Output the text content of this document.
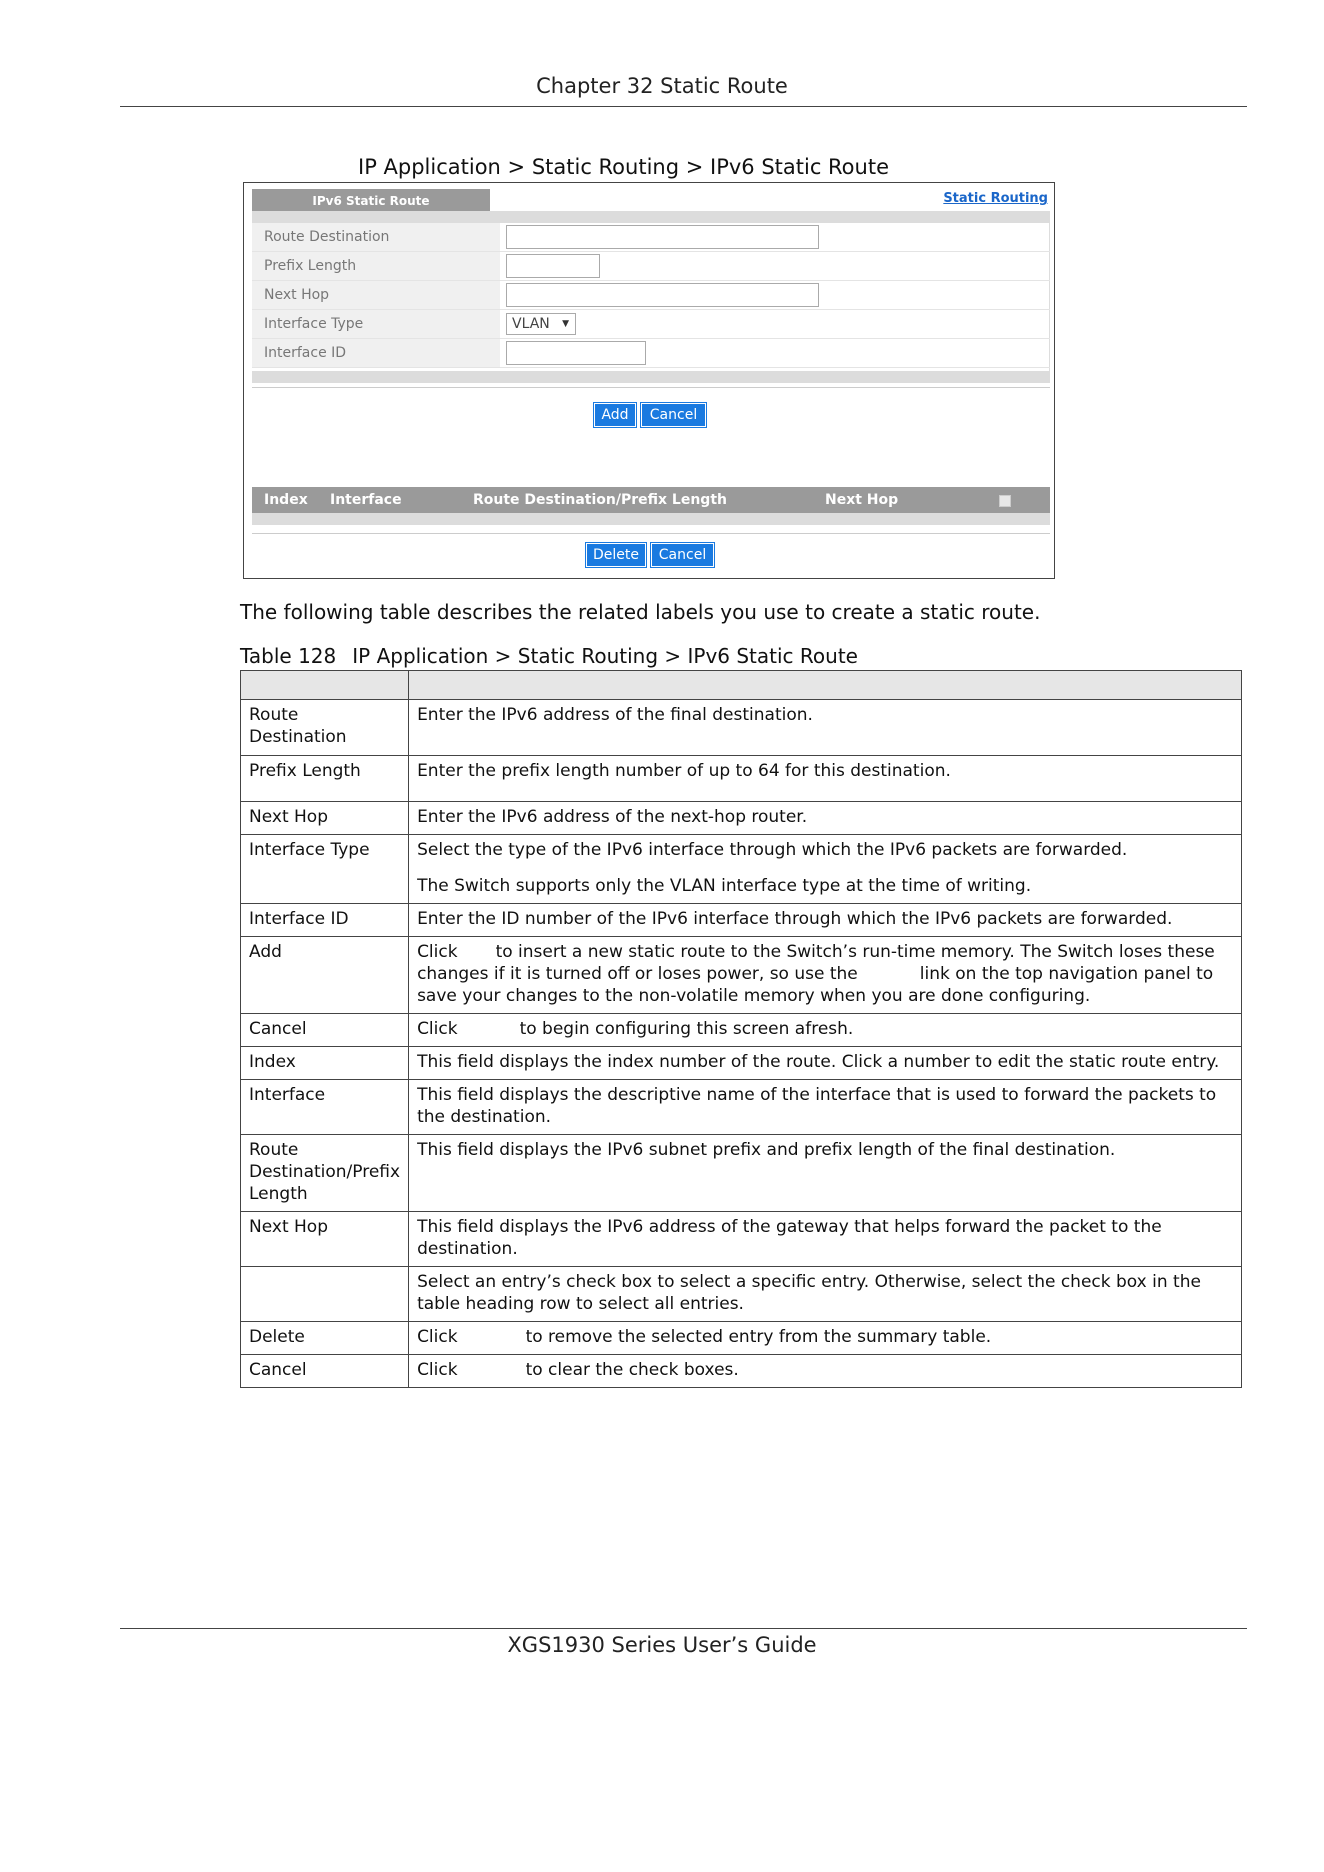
Chapter 32 Static Route
IP Application > Static Routing > IPv6 Static Route
IPv6 Static Route	Static Routing
Route Destination
Prefix Length
Next Hop
Interface Type	VLAN ▼
Interface ID
Add	Cancel
Index Interface	Route Destination/Prefix Length	Next Hop
Delete	Cancel
The following table describes the related labels you use to create a static route.
Table 128 IP Application > Static Routing > IPv6 Static Route

Route Destination	Enter the IPv6 address of the final destination.
Prefix Length	Enter the prefix length number of up to 64 for this destination.
Next Hop	Enter the IPv6 address of the next-hop router.
Interface Type	Select the type of the IPv6 interface through which the IPv6 packets are forwarded.

The Switch supports only the VLAN interface type at the time of writing.

Interface ID	Enter the ID number of the IPv6 interface through which the IPv6 packets are forwarded.
Add	Click to insert a new static route to the Switch’s run-time memory. The Switch loses these changes if it is turned off or loses power, so use the link on the top navigation panel to save your changes to the non-volatile memory when you are done configuring.
Cancel	Click to begin configuring this screen afresh.
Index	This field displays the index number of the route. Click a number to edit the static route entry.
Interface	This field displays the descriptive name of the interface that is used to forward the packets to the destination.
Route Destination/Prefix Length	This field displays the IPv6 subnet prefix and prefix length of the final destination.
Next Hop	This field displays the IPv6 address of the gateway that helps forward the packet to the destination.
	Select an entry’s check box to select a specific entry. Otherwise, select the check box in the table heading row to select all entries.
Delete	Click to remove the selected entry from the summary table.
Cancel	Click to clear the check boxes.
XGS1930 Series User’s Guide
